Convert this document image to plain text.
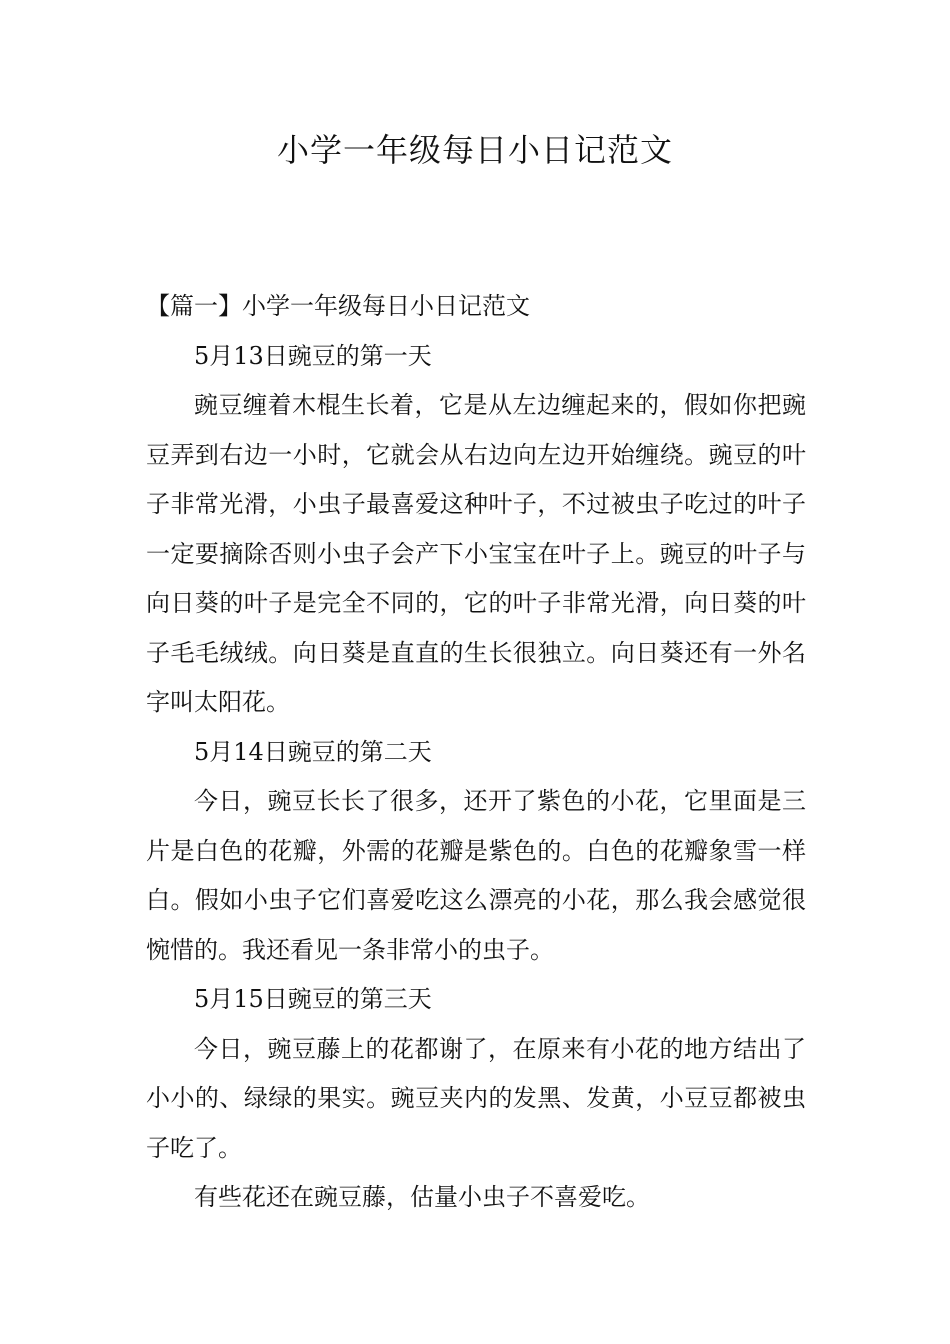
小学一年级每日小日记范文

【篇一】小学一年级每日小日记范文

5月13日豌豆的第一天

豌豆缠着木棍生长着，它是从左边缠起来的，假如你把豌豆弄到右边一小时，它就会从右边向左边开始缠绕。豌豆的叶子非常光滑，小虫子最喜爱这种叶子，不过被虫子吃过的叶子一定要摘除否则小虫子会产下小宝宝在叶子上。豌豆的叶子与向日葵的叶子是完全不同的，它的叶子非常光滑，向日葵的叶子毛毛绒绒。向日葵是直直的生长很独立。向日葵还有一外名字叫太阳花。

5月14日豌豆的第二天

今日，豌豆长长了很多，还开了紫色的小花，它里面是三片是白色的花瓣，外需的花瓣是紫色的。白色的花瓣象雪一样白。假如小虫子它们喜爱吃这么漂亮的小花，那么我会感觉很惋惜的。我还看见一条非常小的虫子。

5月15日豌豆的第三天

今日，豌豆藤上的花都谢了，在原来有小花的地方结出了小小的、绿绿的果实。豌豆夹内的发黑、发黄，小豆豆都被虫子吃了。

有些花还在豌豆藤，估量小虫子不喜爱吃。
